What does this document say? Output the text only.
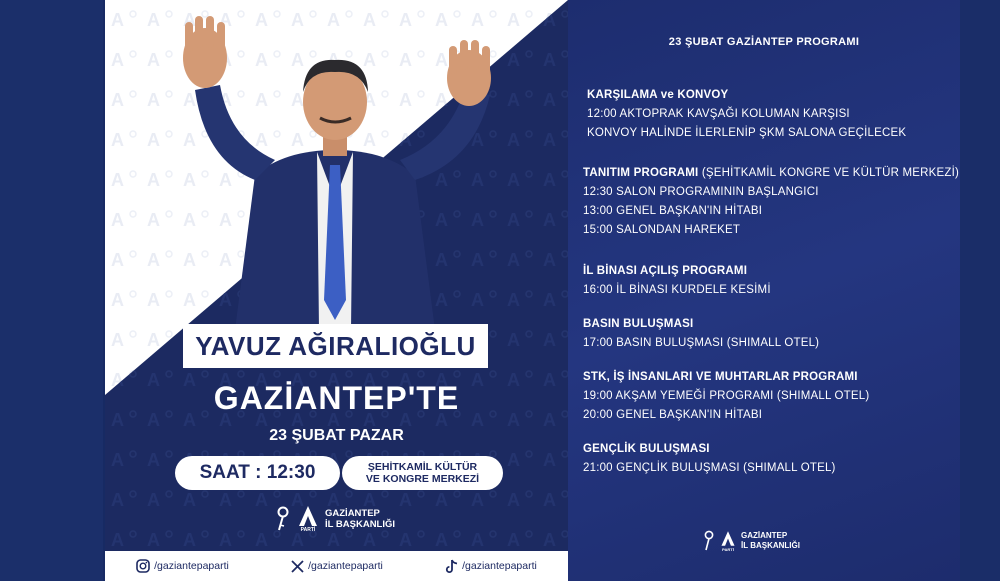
YAVUZ AĞIRALIOĞLU
GAZİANTEP'TE
23 ŞUBAT PAZAR
SAAT : 12:30	ŞEHİTKAMİL KÜLTÜR
VE KONGRE MERKEZİ
PARTİ
GAZİANTEP
İL BAŞKANLIĞI
/gaziantepaparti	/gaziantepaparti	/gaziantepaparti
23 ŞUBAT GAZİANTEP PROGRAMI
KARŞILAMA ve KONVOY
12:00 AKTOPRAK KAVŞAĞI KOLUMAN KARŞISI
KONVOY HALİNDE İLERLENİP ŞKM SALONA GEÇİLECEK
TANITIM PROGRAMI (ŞEHİTKAMİL KONGRE VE KÜLTÜR MERKEZİ)
12:30 SALON PROGRAMININ BAŞLANGICI
13:00 GENEL BAŞKAN'IN HİTABI
15:00 SALONDAN HAREKET
İL BİNASI AÇILIŞ PROGRAMI
16:00 İL BİNASI KURDELE KESİMİ
BASIN BULUŞMASI
17:00 BASIN BULUŞMASI (SHIMALL OTEL)
STK, İŞ İNSANLARI VE MUHTARLAR PROGRAMI
19:00 AKŞAM YEMEĞİ PROGRAMI (SHIMALL OTEL)
20:00 GENEL BAŞKAN'IN HİTABI
GENÇLİK BULUŞMASI
21:00 GENÇLİK BULUŞMASI (SHIMALL OTEL)
PARTİ
GAZİANTEP
İL BAŞKANLIĞI
